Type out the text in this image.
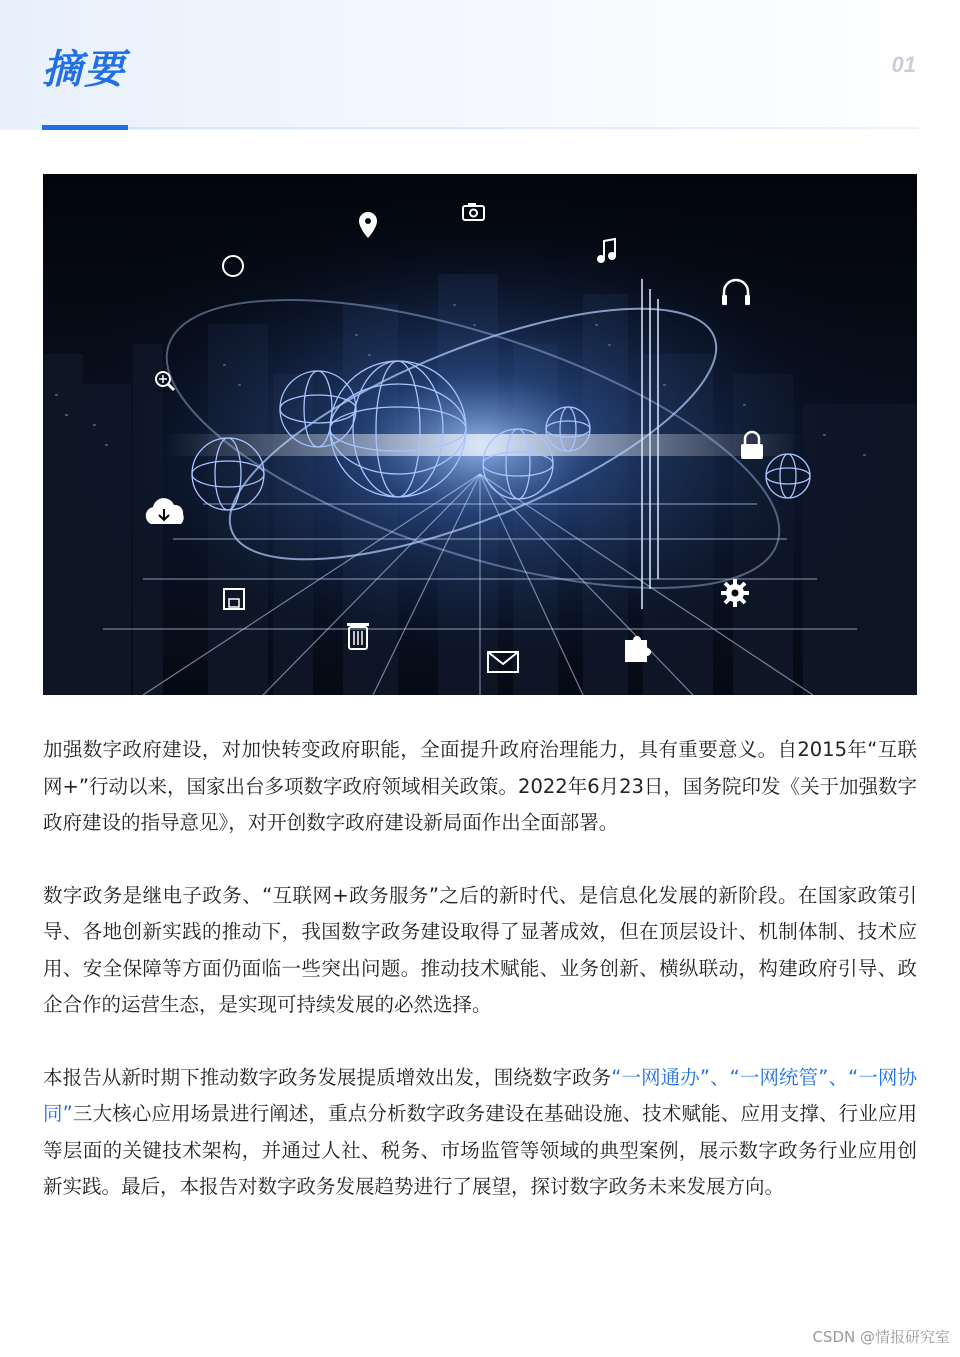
摘要	01

加强数字政府建设，对加快转变政府职能，全面提升政府治理能力，具有重要意义。自2015年“互联网+”行动以来，国家出台多项数字政府领域相关政策。2022年6月23日，国务院印发《关于加强数字政府建设的指导意见》，对开创数字政府建设新局面作出全面部署。

数字政务是继电子政务、“互联网+政务服务”之后的新时代、是信息化发展的新阶段。在国家政策引导、各地创新实践的推动下，我国数字政务建设取得了显著成效，但在顶层设计、机制体制、技术应用、安全保障等方面仍面临一些突出问题。推动技术赋能、业务创新、横纵联动，构建政府引导、政企合作的运营生态，是实现可持续发展的必然选择。

本报告从新时期下推动数字政务发展提质增效出发，围绕数字政务“一网通办”、“一网统管”、“一网协同”三大核心应用场景进行阐述，重点分析数字政务建设在基础设施、技术赋能、应用支撑、行业应用等层面的关键技术架构，并通过人社、税务、市场监管等领域的典型案例，展示数字政务行业应用创新实践。最后，本报告对数字政务发展趋势进行了展望，探讨数字政务未来发展方向。

CSDN @情报研究室
